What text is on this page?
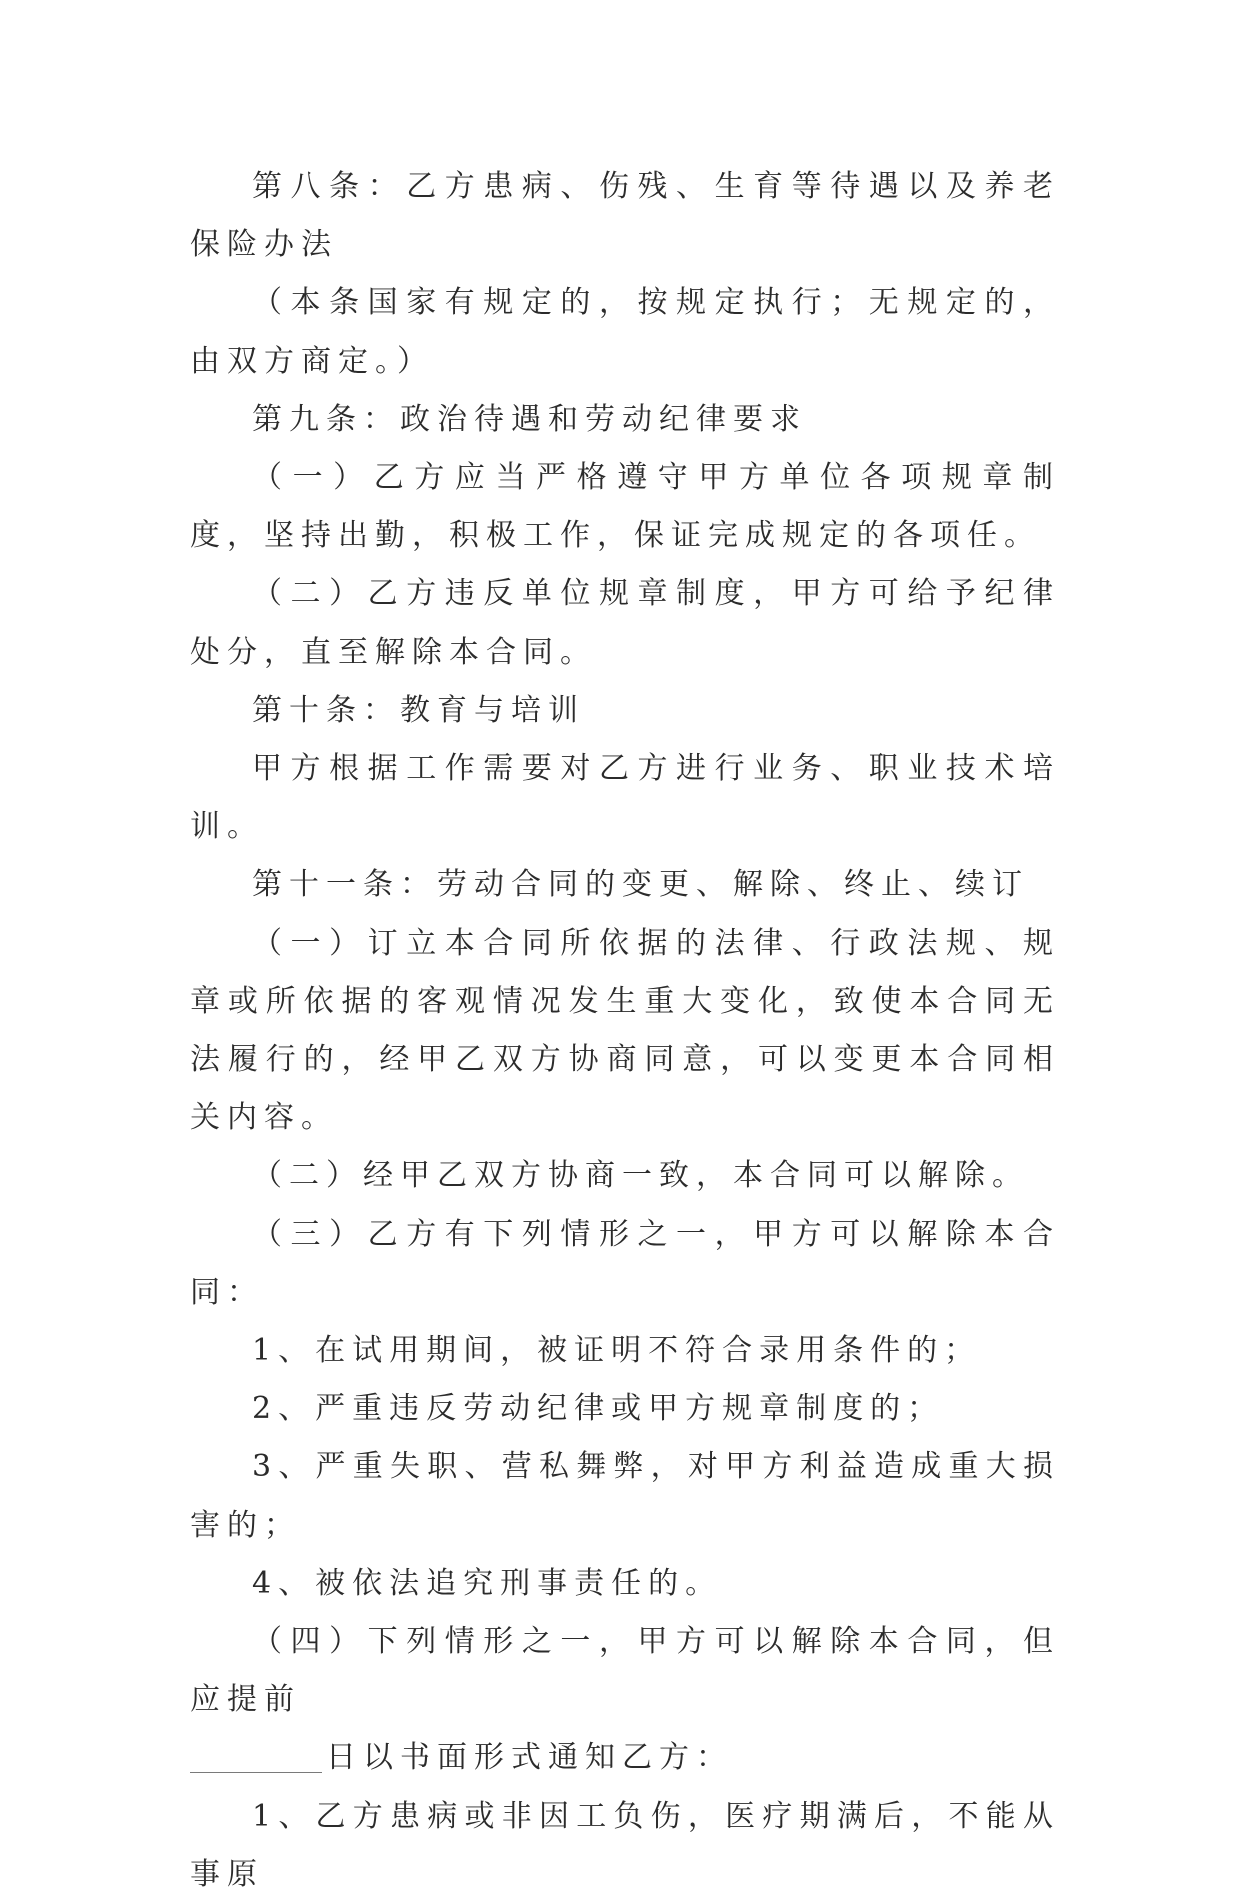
第八条：乙方患病、伤残、生育等待遇以及养老保险办法

（本条国家有规定的，按规定执行；无规定的，由双方商定。）

第九条：政治待遇和劳动纪律要求

（一）乙方应当严格遵守甲方单位各项规章制度，坚持出勤，积极工作，保证完成规定的各项任。

（二）乙方违反单位规章制度，甲方可给予纪律处分，直至解除本合同。

第十条：教育与培训

甲方根据工作需要对乙方进行业务、职业技术培训。

第十一条：劳动合同的变更、解除、终止、续订

（一）订立本合同所依据的法律、行政法规、规章或所依据的客观情况发生重大变化，致使本合同无法履行的，经甲乙双方协商同意，可以变更本合同相关内容。

（二）经甲乙双方协商一致，本合同可以解除。

（三）乙方有下列情形之一，甲方可以解除本合同：

1、在试用期间，被证明不符合录用条件的；

2、严重违反劳动纪律或甲方规章制度的；

3、严重失职、营私舞弊，对甲方利益造成重大损害的；

4、被依法追究刑事责任的。

（四）下列情形之一，甲方可以解除本合同，但应提前

日以书面形式通知乙方：

1、乙方患病或非因工负伤，医疗期满后，不能从事原
